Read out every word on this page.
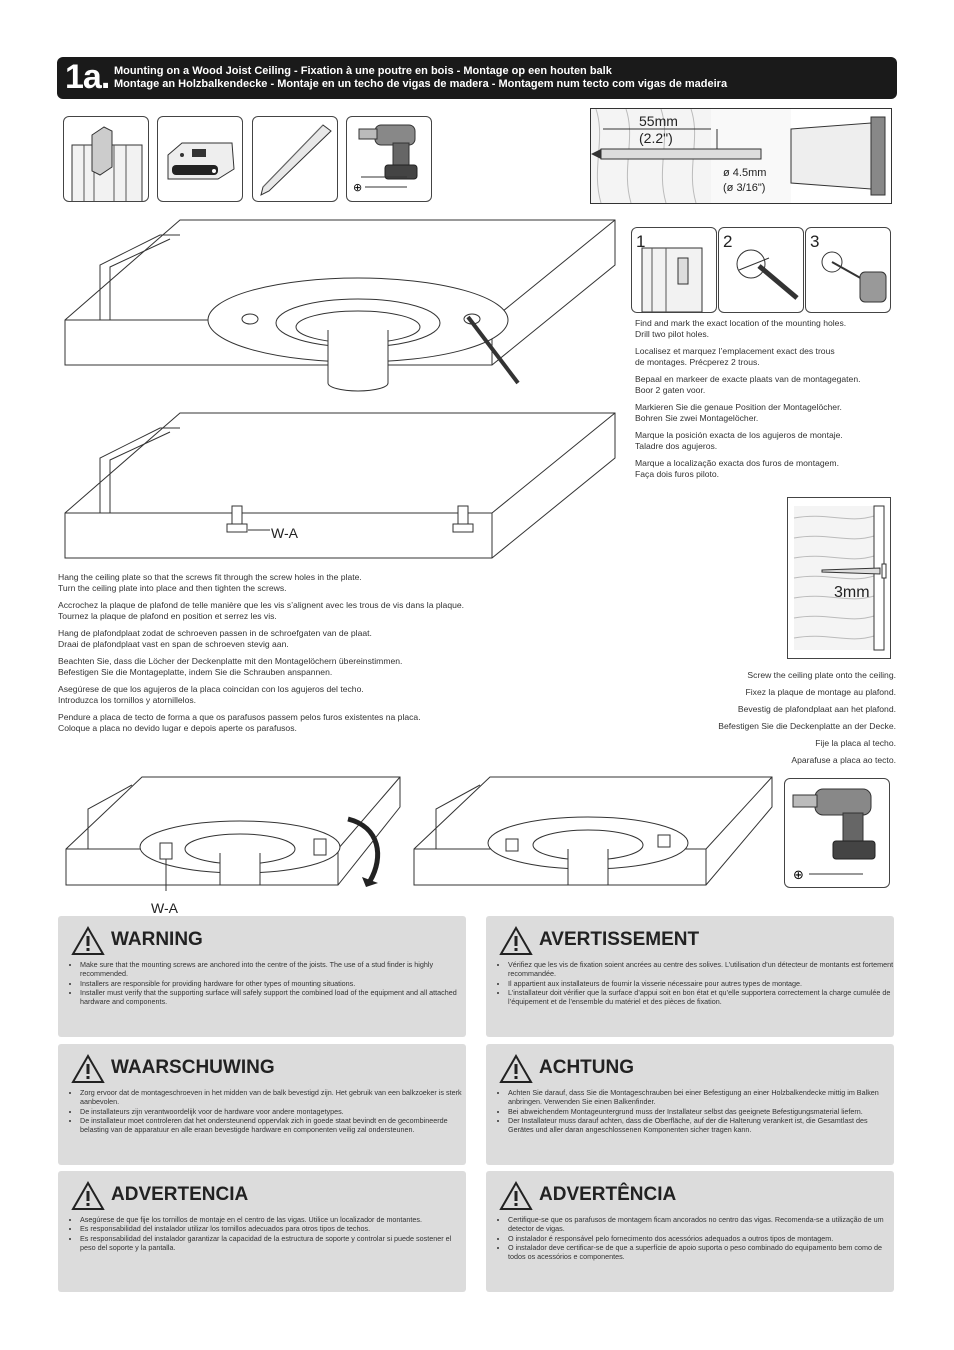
1a. Mounting on a Wood Joist Ceiling - Fixation à une poutre en bois - Montage op een houten balk
Montage an Holzbalkendecke - Montaje en un techo de vigas de madera - Montagem num tecto com vigas de madeira
⊕
55mm
(2.2")
ø 4.5mm
(ø 3/16")
1	2	3
Find and mark the exact location of the mounting holes.
Drill two pilot holes.
Localisez et marquez l’emplacement exact des trous
de montages. Précperez 2 trous.
Bepaal en markeer de exacte plaats van de montagegaten.
Boor 2 gaten voor.
Markieren Sie die genaue Position der Montagelöcher.
Bohren Sie zwei Montagelöcher.
Marque la posición exacta de los agujeros de montaje.
Taladre dos agujeros.
Marque a localização exacta dos furos de montagem.
Faça dois furos piloto.
W-A
3mm
Hang the ceiling plate so that the screws fit through the screw holes in the plate.
Turn the ceiling plate into place and then tighten the screws.
Accrochez la plaque de plafond de telle manière que les vis s’alignent avec les trous de vis dans la plaque.
Tournez la plaque de plafond en position et serrez les vis.
Hang de plafondplaat zodat de schroeven passen in de schroefgaten van de plaat.
Draai de plafondplaat vast en span de schroeven stevig aan.
Beachten Sie, dass die Löcher der Deckenplatte mit den Montagelöchern übereinstimmen.
Befestigen Sie die Montageplatte, indem Sie die Schrauben anspannen.
Asegúrese de que los agujeros de la placa coincidan con los agujeros del techo.
Introduzca los tornillos y atornillelos.
Pendure a placa de tecto de forma a que os parafusos passem pelos furos existentes na placa.
Coloque a placa no devido lugar e depois aperte os parafusos.
Screw the ceiling plate onto the ceiling.
Fixez la plaque de montage au plafond.
Bevestig de plafondplaat aan het plafond.
Befestigen Sie die Deckenplatte an der Decke.
Fije la placa al techo.
Aparafuse a placa ao tecto.
W-A
⊕
WARNING
• Make sure that the mounting screws are anchored into the centre of the joists. The use of a stud finder is highly recommended.
• Installers are responsible for providing hardware for other types of mounting situations.
• Installer must verify that the supporting surface will safely support the combined load of the equipment and all attached hardware and components.
AVERTISSEMENT
• Vérifiez que les vis de fixation soient ancrées au centre des solives. L’utilisation d’un détecteur de montants est fortement recommandée.
• Il appartient aux installateurs de fournir la visserie nécessaire pour autres types de montage.
• L’installateur doit vérifier que la surface d’appui soit en bon état et qu’elle supportera correctement la charge cumulée de l’équipement et de l’ensemble du matériel et des pièces de fixation.
WAARSCHUWING
• Zorg ervoor dat de montageschroeven in het midden van de balk bevestigd zijn. Het gebruik van een balkzoeker is sterk aanbevolen.
• De installateurs zijn verantwoordelijk voor de hardware voor andere montagetypes.
• De installateur moet controleren dat het ondersteunend oppervlak zich in goede staat bevindt en de gecombineerde belasting van de apparatuur en alle eraan bevestigde hardware en componenten veilig zal ondersteunen.
ACHTUNG
• Achten Sie darauf, dass Sie die Montageschrauben bei einer Befestigung an einer Holzbalkendecke mittig im Balken anbringen. Verwenden Sie einen Balkenfinder.
• Bei abweichendem Montageuntergrund muss der Installateur selbst das geeignete Befestigungsmaterial liefern.
• Der Installateur muss darauf achten, dass die Oberfläche, auf der die Halterung verankert ist, die Gesamtlast des Gerätes und aller daran angeschlossenen Komponenten sicher tragen kann.
ADVERTENCIA
• Asegúrese de que fije los tornillos de montaje en el centro de las vigas. Utilice un localizador de montantes.
• Es responsabilidad del instalador utilizar los tornillos adecuados para otros tipos de techos.
• Es responsabilidad del instalador garantizar la capacidad de la estructura de soporte y controlar si puede sostener el peso del soporte y la pantalla.
ADVERTÊNCIA
• Certifique-se que os parafusos de montagem ficam ancorados no centro das vigas. Recomenda-se a utilização de um detector de vigas.
• O instalador é responsável pelo fornecimento dos acessórios adequados a outros tipos de montagem.
• O instalador deve certificar-se de que a superfície de apoio suporta o peso combinado do equipamento bem como de todos os acessórios e componentes.
